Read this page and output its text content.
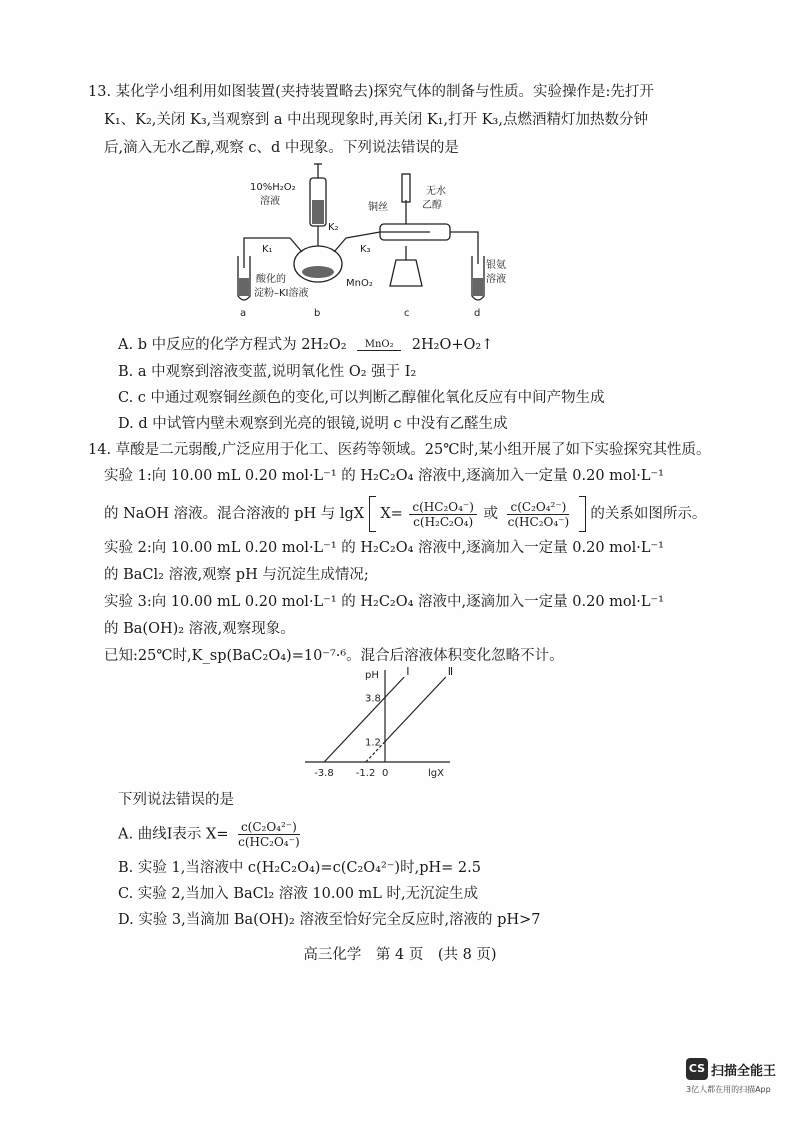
13. 某化学小组利用如图装置(夹持装置略去)探究气体的制备与性质。实验操作是:先打开
K₁、K₂,关闭 K₃,当观察到 a 中出现现象时,再关闭 K₁,打开 K₃,点燃酒精灯加热数分钟
后,滴入无水乙醇,观察 c、d 中现象。下列说法错误的是
10%H₂O₂
溶液
K₂
K₁	K₃
酸化的
淀粉–KI溶液
MnO₂
铜丝
无水
乙醇
银氨
溶液
a	b	c	d
A. b 中反应的化学方程式为 2H₂O₂ MnO₂ 2H₂O+O₂↑
B. a 中观察到溶液变蓝,说明氧化性 O₂ 强于 I₂
C. c 中通过观察铜丝颜色的变化,可以判断乙醇催化氧化反应有中间产物生成
D. d 中试管内壁未观察到光亮的银镜,说明 c 中没有乙醛生成
14. 草酸是二元弱酸,广泛应用于化工、医药等领域。25℃时,某小组开展了如下实验探究其性质。
实验 1:向 10.00 mL 0.20 mol·L⁻¹ 的 H₂C₂O₄ 溶液中,逐滴加入一定量 0.20 mol·L⁻¹
的 NaOH 溶液。混合溶液的 pH 与 lgX $X= \frac{\text{c(HC₂O₄⁻)}}{\text{c(H₂C₂O₄)}}$ 或 $\frac{\text{c(C₂O₄²⁻)}}{\text{c(HC₂O₄⁻)}}$ 的关系如图所示。
实验 2:向 10.00 mL 0.20 mol·L⁻¹ 的 H₂C₂O₄ 溶液中,逐滴加入一定量 0.20 mol·L⁻¹
的 BaCl₂ 溶液,观察 pH 与沉淀生成情况;
实验 3:向 10.00 mL 0.20 mol·L⁻¹ 的 H₂C₂O₄ 溶液中,逐滴加入一定量 0.20 mol·L⁻¹
的 Ba(OH)₂ 溶液,观察现象。
已知:25℃时,K_sp(BaC₂O₄)=10⁻⁷·⁶。混合后溶液体积变化忽略不计。
lgX
pH
-3.8 -1.2 0
3.8
1.2
Ⅰ	Ⅱ
下列说法错误的是
A. 曲线Ⅰ表示 $X= \frac{\text{c(C₂O₄²⁻)}}{\text{c(HC₂O₄⁻)}}$
B. 实验 1,当溶液中 c(H₂C₂O₄)=c(C₂O₄²⁻)时,pH= 2.5
C. 实验 2,当加入 BaCl₂ 溶液 10.00 mL 时,无沉淀生成
D. 实验 3,当滴加 Ba(OH)₂ 溶液至恰好完全反应时,溶液的 pH>7
高三化学　第 4 页　(共 8 页)
CS 扫描全能王
3亿人都在用的扫描App
